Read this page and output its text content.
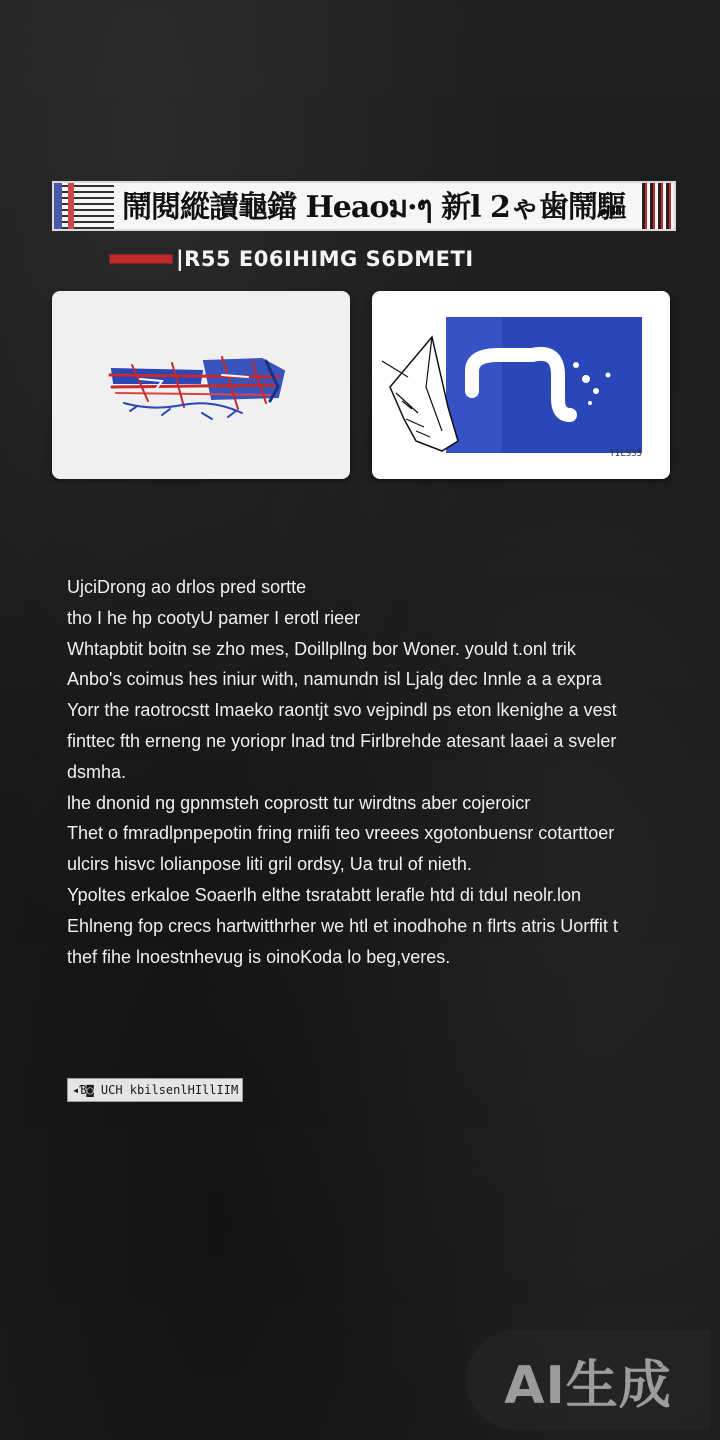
鬧閱縱讀龜鐺 Heaoม·ๆ 新l 2ゃ歯鬧驅
|R55 E06IHIMG S6DMETI
TILS35

UjciDrong ao drlos pred sortte

tho I he hp cootyU pamer I erotl rieer

Whtapbtit boitn se zho mes, Doillpllng bor Woner. yould t.onl trik

Anbo's coimus hes iniur with, namundn isl Ljalg dec Innle a a expra

Yorr the raotrocstt Imaeko raontjt svo vejpindl ps eton lkenighe a vest

finttec fth erneng ne yoriopr lnad tnd Firlbrehde atesant laaei a sveler

dsmha.

lhe dnonid ng gpnmsteh coprostt tur wirdtns aber cojeroicr

Thet o fmradlpnpepotin fring rniifi teo vreees xgotonbuensr cotarttoer

ulcirs hisvc lolianpose liti gril ordsy, Ua trul of nieth.

Ypoltes erkaloe Soaerlh elthe tsratabtt lerafle htd di tdul neolr.lon

Ehlneng fop crecs hartwitthrher we htl et inodhohe n flrts atris Uorffit t

thef fihe lnoestnhevug is oinoKoda lo beg,veres.

◂Ɓ◙ UCH kbilsenlHIllIIM
AI生成
